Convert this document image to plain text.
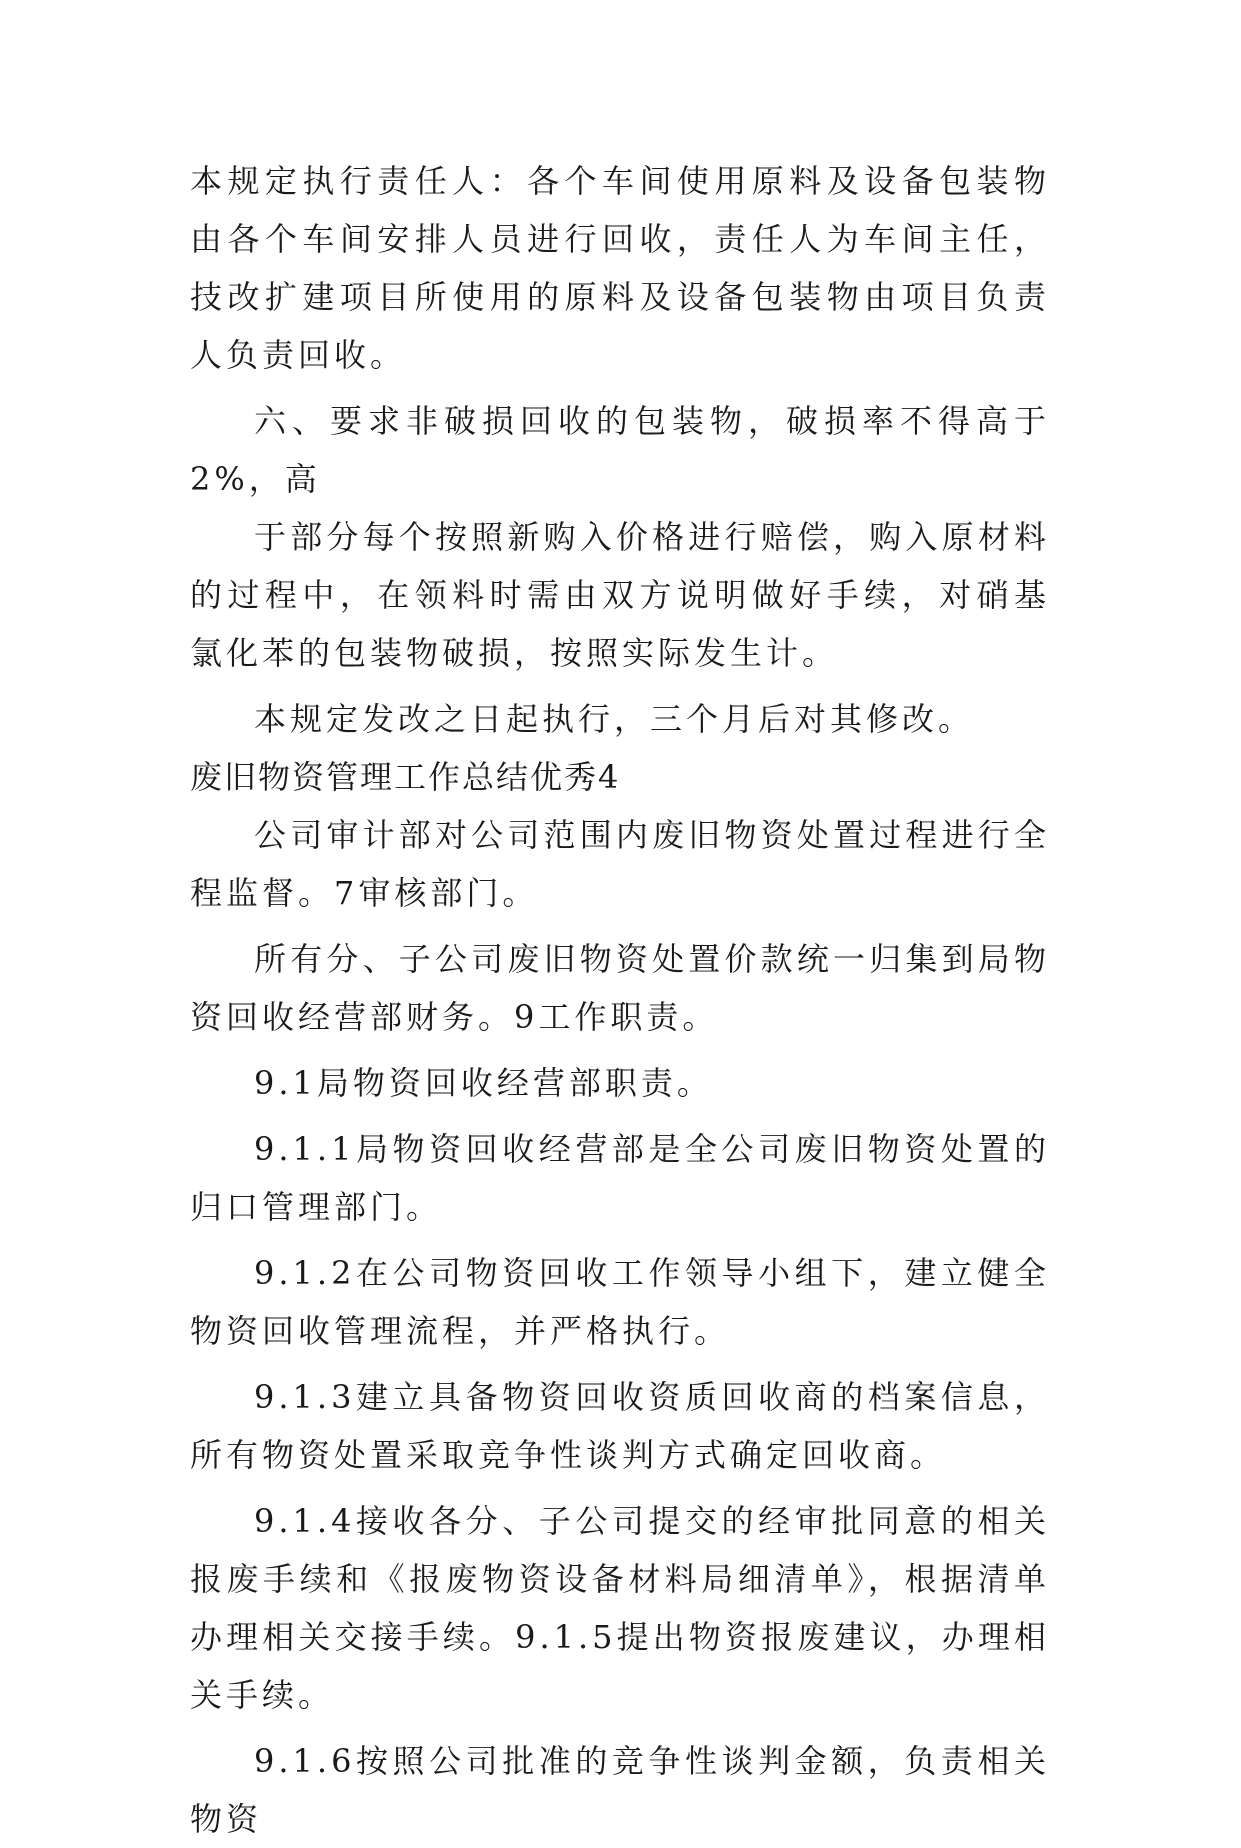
本规定执行责任人：各个车间使用原料及设备包装物由各个车间安排人员进行回收，责任人为车间主任，技改扩建项目所使用的原料及设备包装物由项目负责人负责回收。

六、要求非破损回收的包装物，破损率不得高于2%，高

于部分每个按照新购入价格进行赔偿，购入原材料的过程中，在领料时需由双方说明做好手续，对硝基氯化苯的包装物破损，按照实际发生计。

本规定发改之日起执行，三个月后对其修改。

废旧物资管理工作总结优秀4

公司审计部对公司范围内废旧物资处置过程进行全程监督。7审核部门。

所有分、子公司废旧物资处置价款统一归集到局物资回收经营部财务。9工作职责。

9.1局物资回收经营部职责。

9.1.1局物资回收经营部是全公司废旧物资处置的归口管理部门。

9.1.2在公司物资回收工作领导小组下，建立健全物资回收管理流程，并严格执行。

9.1.3建立具备物资回收资质回收商的档案信息，所有物资处置采取竞争性谈判方式确定回收商。

9.1.4接收各分、子公司提交的经审批同意的相关报废手续和《报废物资设备材料局细清单》，根据清单办理相关交接手续。9.1.5提出物资报废建议，办理相关手续。

9.1.6按照公司批准的竞争性谈判金额，负责相关物资
